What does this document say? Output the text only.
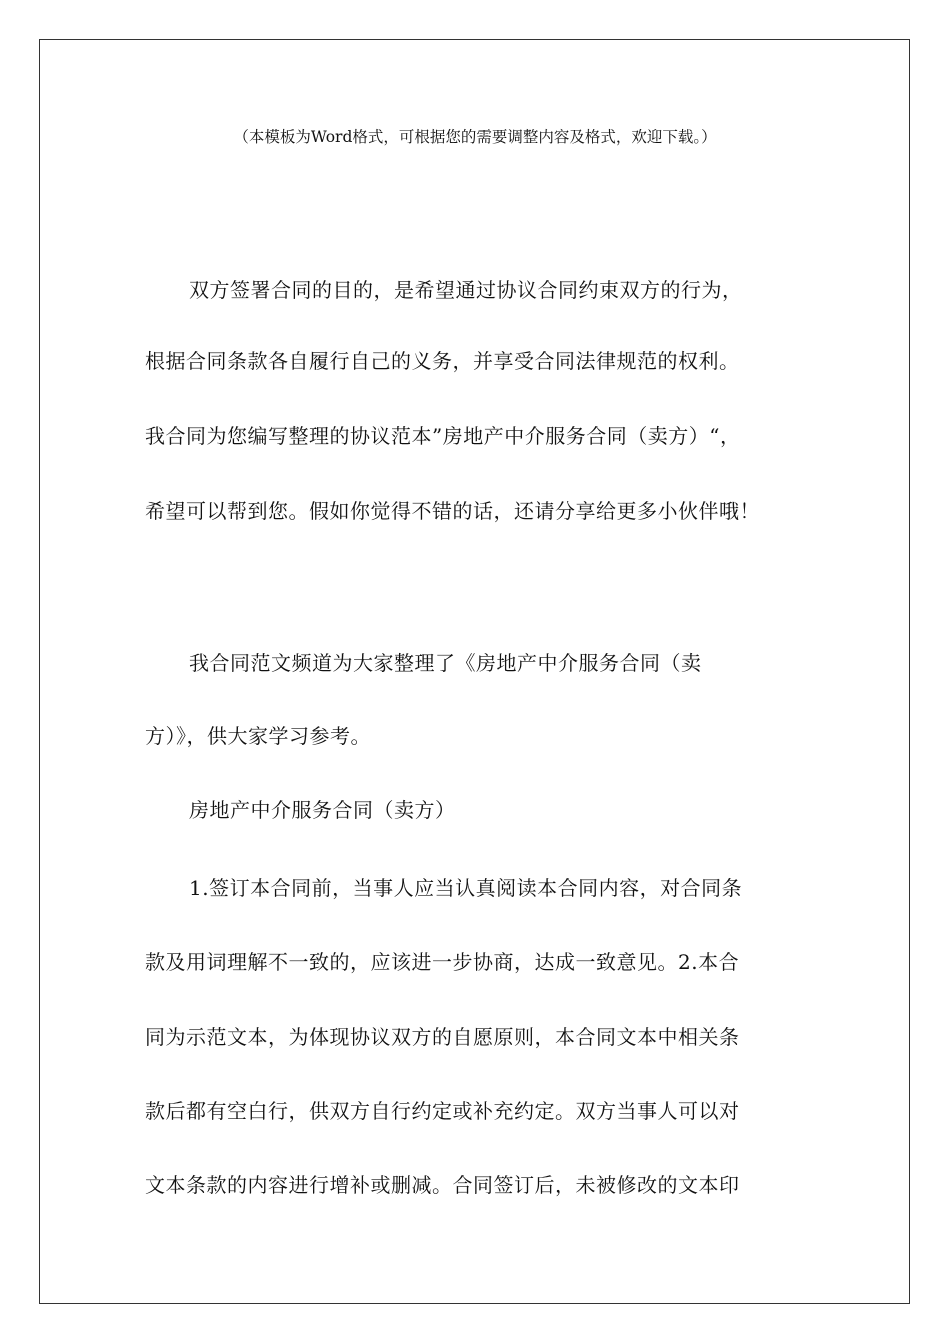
（本模板为Word格式，可根据您的需要调整内容及格式，欢迎下载。）
双方签署合同的目的，是希望通过协议合同约束双方的行为，
根据合同条款各自履行自己的义务，并享受合同法律规范的权利。
我合同为您编写整理的协议范本”房地产中介服务合同（卖方）“，
希望可以帮到您。假如你觉得不错的话，还请分享给更多小伙伴哦！
我合同范文频道为大家整理了《房地产中介服务合同（卖
方）》，供大家学习参考。
房地产中介服务合同（卖方）
1.签订本合同前，当事人应当认真阅读本合同内容，对合同条
款及用词理解不一致的，应该进一步协商，达成一致意见。2.本合
同为示范文本，为体现协议双方的自愿原则，本合同文本中相关条
款后都有空白行，供双方自行约定或补充约定。双方当事人可以对
文本条款的内容进行增补或删减。合同签订后，未被修改的文本印
